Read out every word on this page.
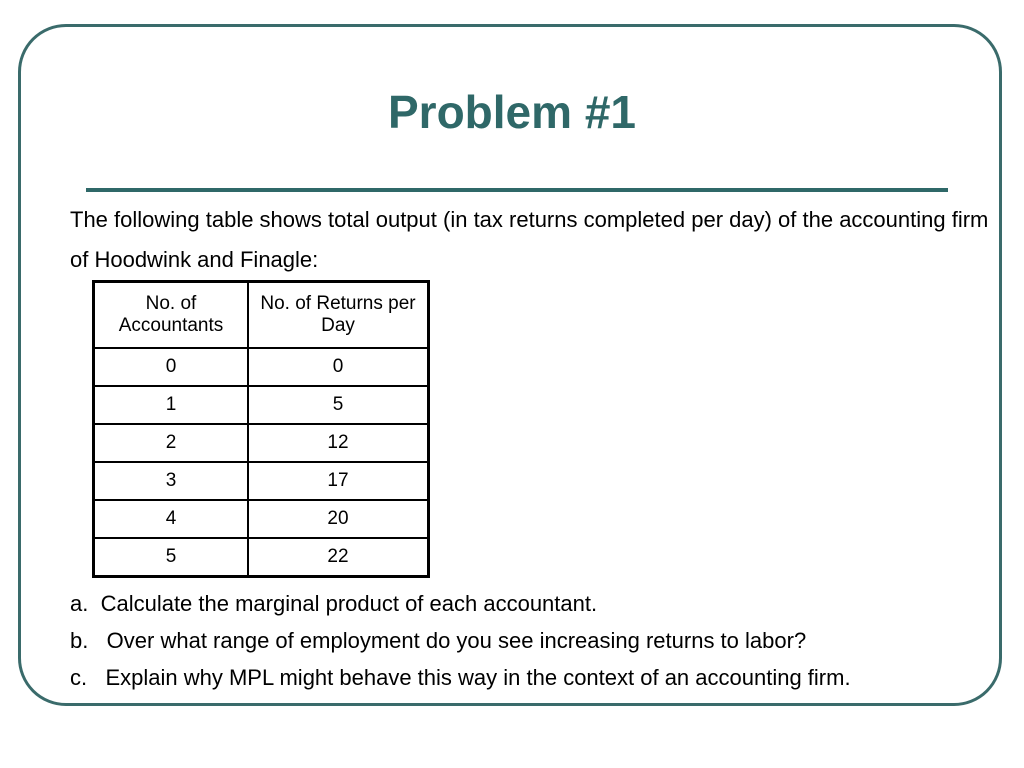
Problem #1
The following table shows total output (in tax returns completed per day) of the accounting firm of Hoodwink and Finagle:
No. of Accountants	No. of Returns per Day
0	0
1	5
2	12
3	17
4	20
5	22
a.  Calculate the marginal product of each accountant.
b.   Over what range of employment do you see increasing returns to labor?
c.   Explain why MPL might behave this way in the context of an accounting firm.
